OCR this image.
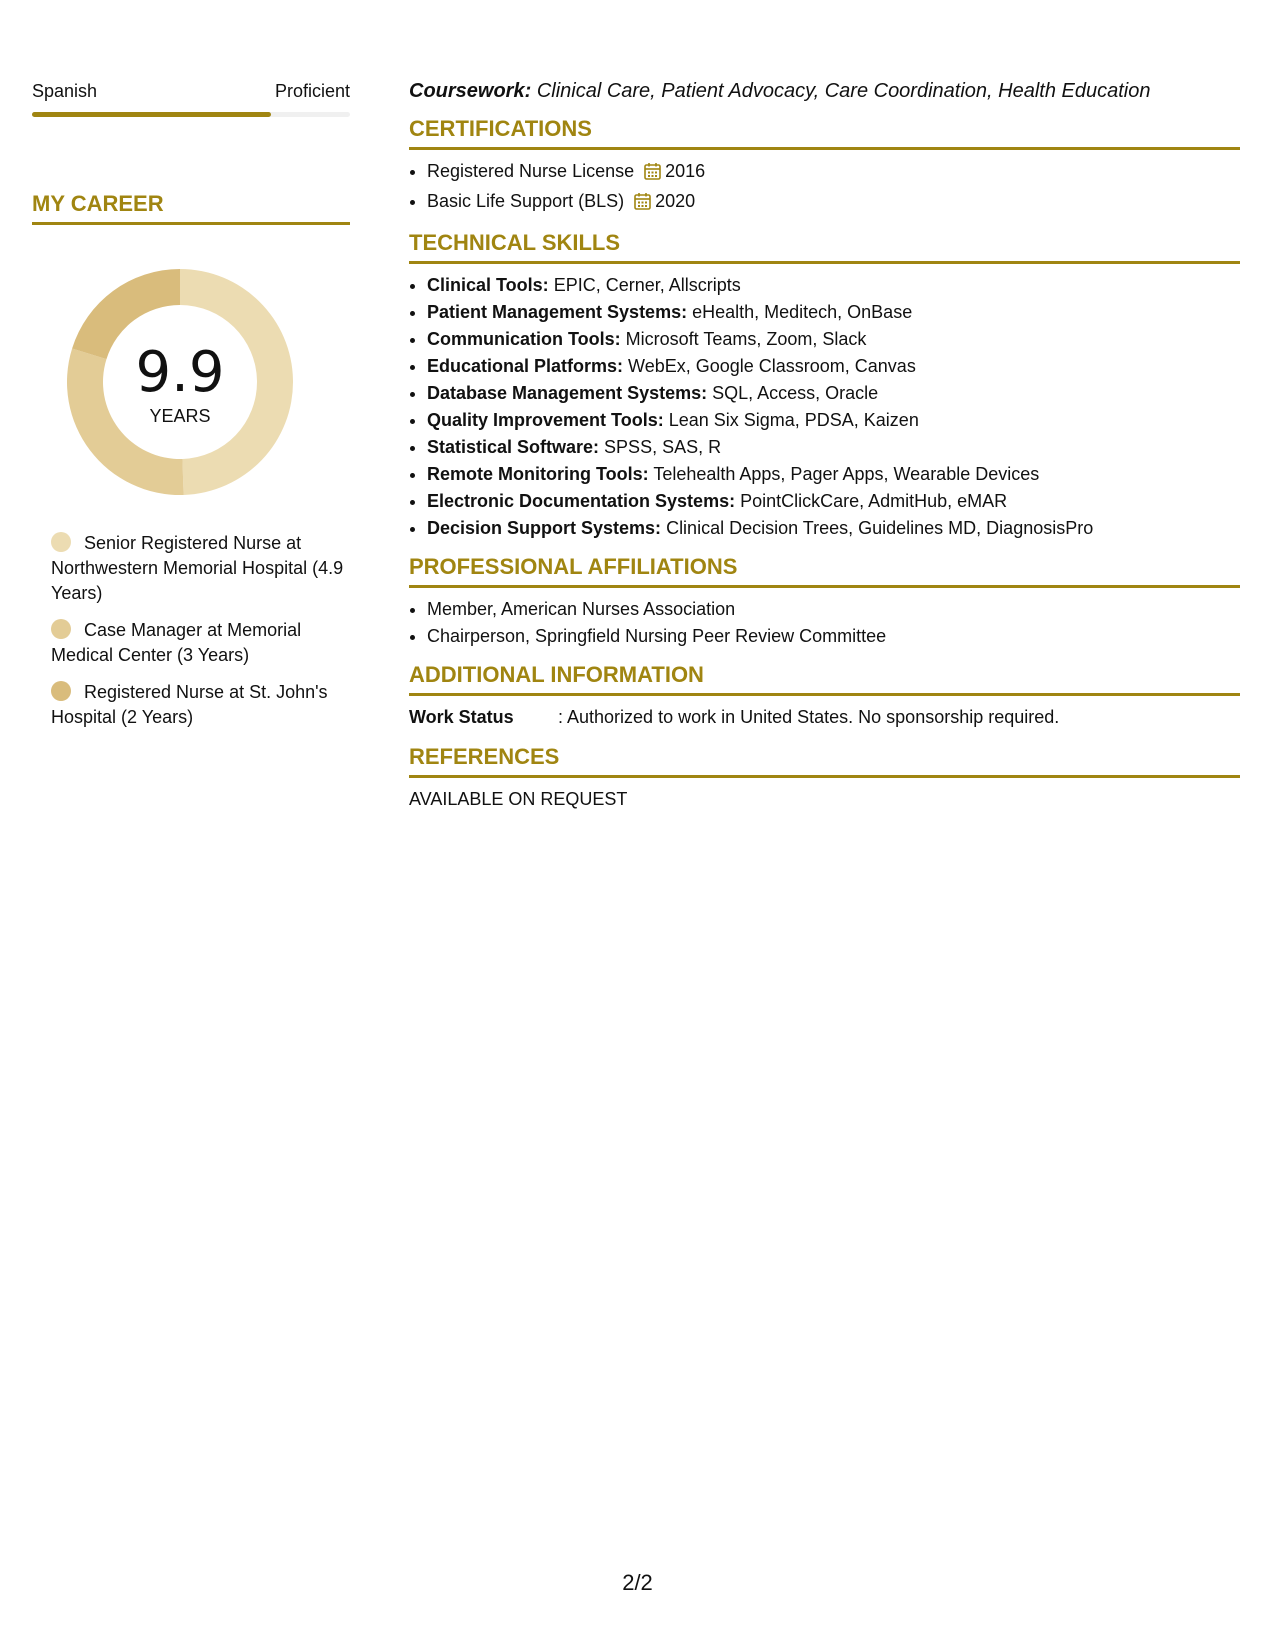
Spanish	Proficient
MY CAREER
9.9
YEARS
Senior Registered Nurse at Northwestern Memorial Hospital (4.9 Years)
Case Manager at Memorial Medical Center (3 Years)
Registered Nurse at St. John's Hospital (2 Years)

Coursework: Clinical Care, Patient Advocacy, Care Coordination, Health Education

CERTIFICATIONS
• Registered Nurse License 2016
• Basic Life Support (BLS) 2020
TECHNICAL SKILLS
• Clinical Tools: EPIC, Cerner, Allscripts
• Patient Management Systems: eHealth, Meditech, OnBase
• Communication Tools: Microsoft Teams, Zoom, Slack
• Educational Platforms: WebEx, Google Classroom, Canvas
• Database Management Systems: SQL, Access, Oracle
• Quality Improvement Tools: Lean Six Sigma, PDSA, Kaizen
• Statistical Software: SPSS, SAS, R
• Remote Monitoring Tools: Telehealth Apps, Pager Apps, Wearable Devices
• Electronic Documentation Systems: PointClickCare, AdmitHub, eMAR
• Decision Support Systems: Clinical Decision Trees, Guidelines MD, DiagnosisPro
PROFESSIONAL AFFILIATIONS
• Member, American Nurses Association
• Chairperson, Springfield Nursing Peer Review Committee
ADDITIONAL INFORMATION
Work Status	: Authorized to work in United States. No sponsorship required.
REFERENCES
AVAILABLE ON REQUEST
2/2
